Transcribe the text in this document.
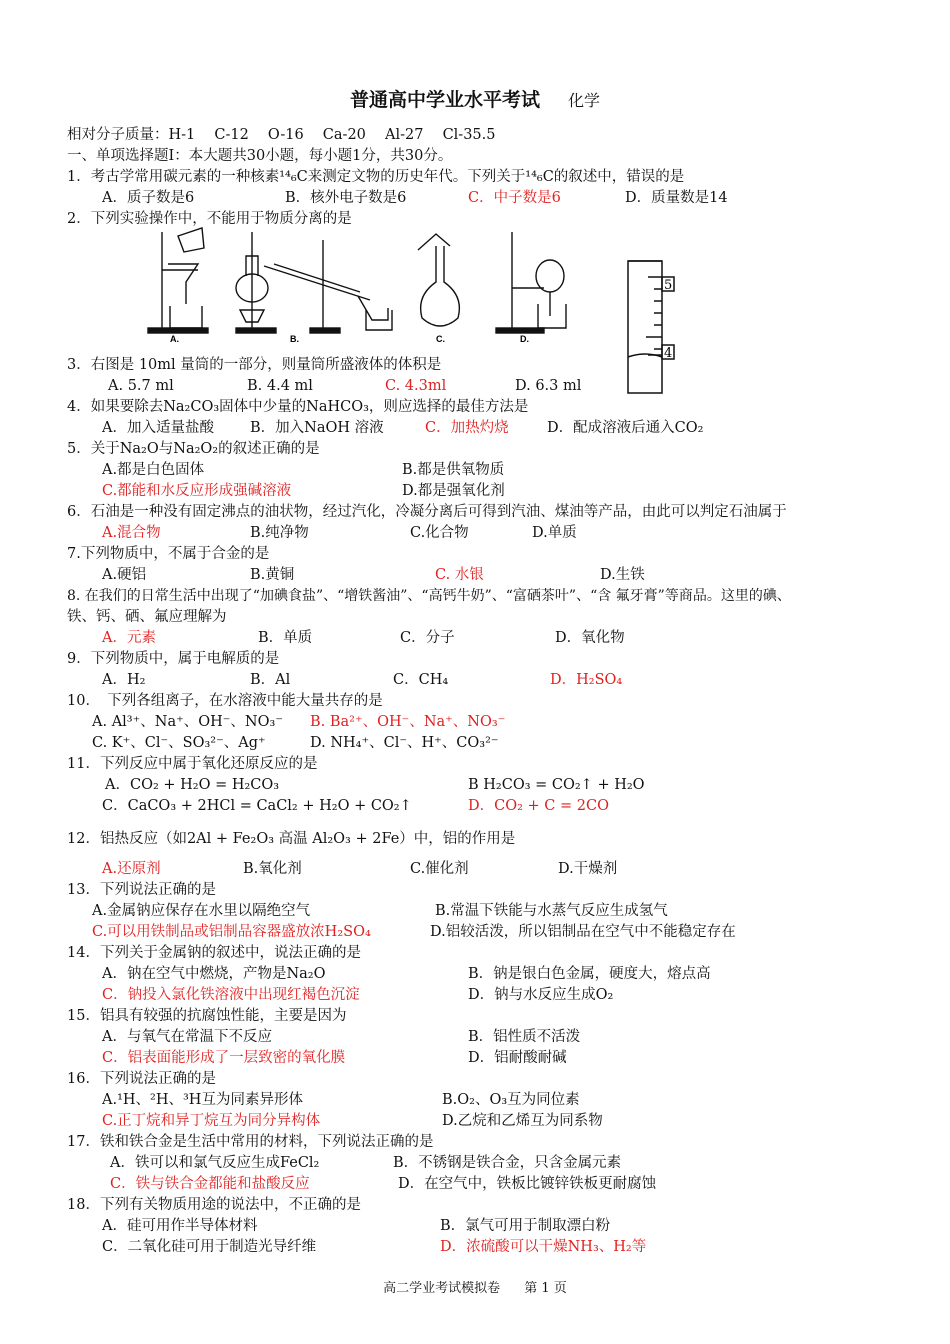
普通高中学业水平考试 化学
相对分子质量：H-1　 C-12　 O-16　 Ca-20　 Al-27　 Cl-35.5
一、单项选择题Ⅰ：本大题共30小题，每小题1分，共30分。
1．考古学常用碳元素的一种核素¹⁴₆C来测定文物的历史年代。下列关于¹⁴₆C的叙述中，错误的是
A．质子数是6	B．核外电子数是6	C．中子数是6	D．质量数是14
2．下列实验操作中，不能用于物质分离的是
A.	B.	C.	D.
5
4
3．右图是 10ml 量筒的一部分，则量筒所盛液体的体积是
A. 5.7 ml	B. 4.4 ml	C. 4.3ml	D. 6.3 ml
4．如果要除去Na₂CO₃固体中少量的NaHCO₃，则应选择的最佳方法是
A．加入适量盐酸 B．加入NaOH 溶液	C．加热灼烧	D．配成溶液后通入CO₂
5．关于Na₂O与Na₂O₂的叙述正确的是
A.都是白色固体	B.都是供氧物质
C.都能和水反应形成强碱溶液	D.都是强氧化剂
6．石油是一种没有固定沸点的油状物，经过汽化，冷凝分离后可得到汽油、煤油等产品，由此可以判定石油属于
A.混合物	B.纯净物	C.化合物	D.单质
7.下列物质中，不属于合金的是
A.硬铝	B.黄铜	C. 水银	D.生铁
8. 在我们的日常生活中出现了“加碘食盐”、“增铁酱油”、“高钙牛奶”、“富硒茶叶”、“含 氟牙膏”等商品。这里的碘、
铁、钙、硒、氟应理解为
A．元素	B．单质	C．分子	D．氧化物
9．下列物质中，属于电解质的是
A．H₂	B．Al	C．CH₄	D．H₂SO₄
10．　下列各组离子，在水溶液中能大量共存的是
A. Al³⁺、Na⁺、OH⁻、NO₃⁻ B. Ba²⁺、OH⁻、Na⁺、NO₃⁻
C. K⁺、Cl⁻、SO₃²⁻、Ag⁺	D. NH₄⁺、Cl⁻、H⁺、CO₃²⁻
11．下列反应中属于氧化还原反应的是
A．CO₂ + H₂O = H₂CO₃	B H₂CO₃ = CO₂↑ + H₂O
C．CaCO₃ + 2HCl = CaCl₂ + H₂O + CO₂↑	D．CO₂ + C = 2CO
12．铝热反应（如2Al + Fe₂O₃ 高温 Al₂O₃ + 2Fe）中，铝的作用是
A.还原剂	B.氧化剂	C.催化剂	D.干燥剂
13．下列说法正确的是
A.金属钠应保存在水里以隔绝空气	B.常温下铁能与水蒸气反应生成氢气
C.可以用铁制品或铝制品容器盛放浓H₂SO₄	D.铝较活泼，所以铝制品在空气中不能稳定存在
14．下列关于金属钠的叙述中，说法正确的是
A．钠在空气中燃烧，产物是Na₂O	B．钠是银白色金属，硬度大，熔点高
C．钠投入氯化铁溶液中出现红褐色沉淀	D．钠与水反应生成O₂
15．铝具有较强的抗腐蚀性能，主要是因为
A．与氧气在常温下不反应	B．铝性质不活泼
C．铝表面能形成了一层致密的氧化膜	D．铝耐酸耐碱
16．下列说法正确的是
A.¹H、²H、³H互为同素异形体	B.O₂、O₃互为同位素
C.正丁烷和异丁烷互为同分异构体	D.乙烷和乙烯互为同系物
17．铁和铁合金是生活中常用的材料，下列说法正确的是
A．铁可以和氯气反应生成FeCl₂	B．不锈钢是铁合金，只含金属元素
C．铁与铁合金都能和盐酸反应	D．在空气中，铁板比镀锌铁板更耐腐蚀
18．下列有关物质用途的说法中，不正确的是
A．硅可用作半导体材料	B．氯气可用于制取漂白粉
C．二氧化硅可用于制造光导纤维	D．浓硫酸可以干燥NH₃、H₂等
高二学业考试模拟卷 第 1 页
